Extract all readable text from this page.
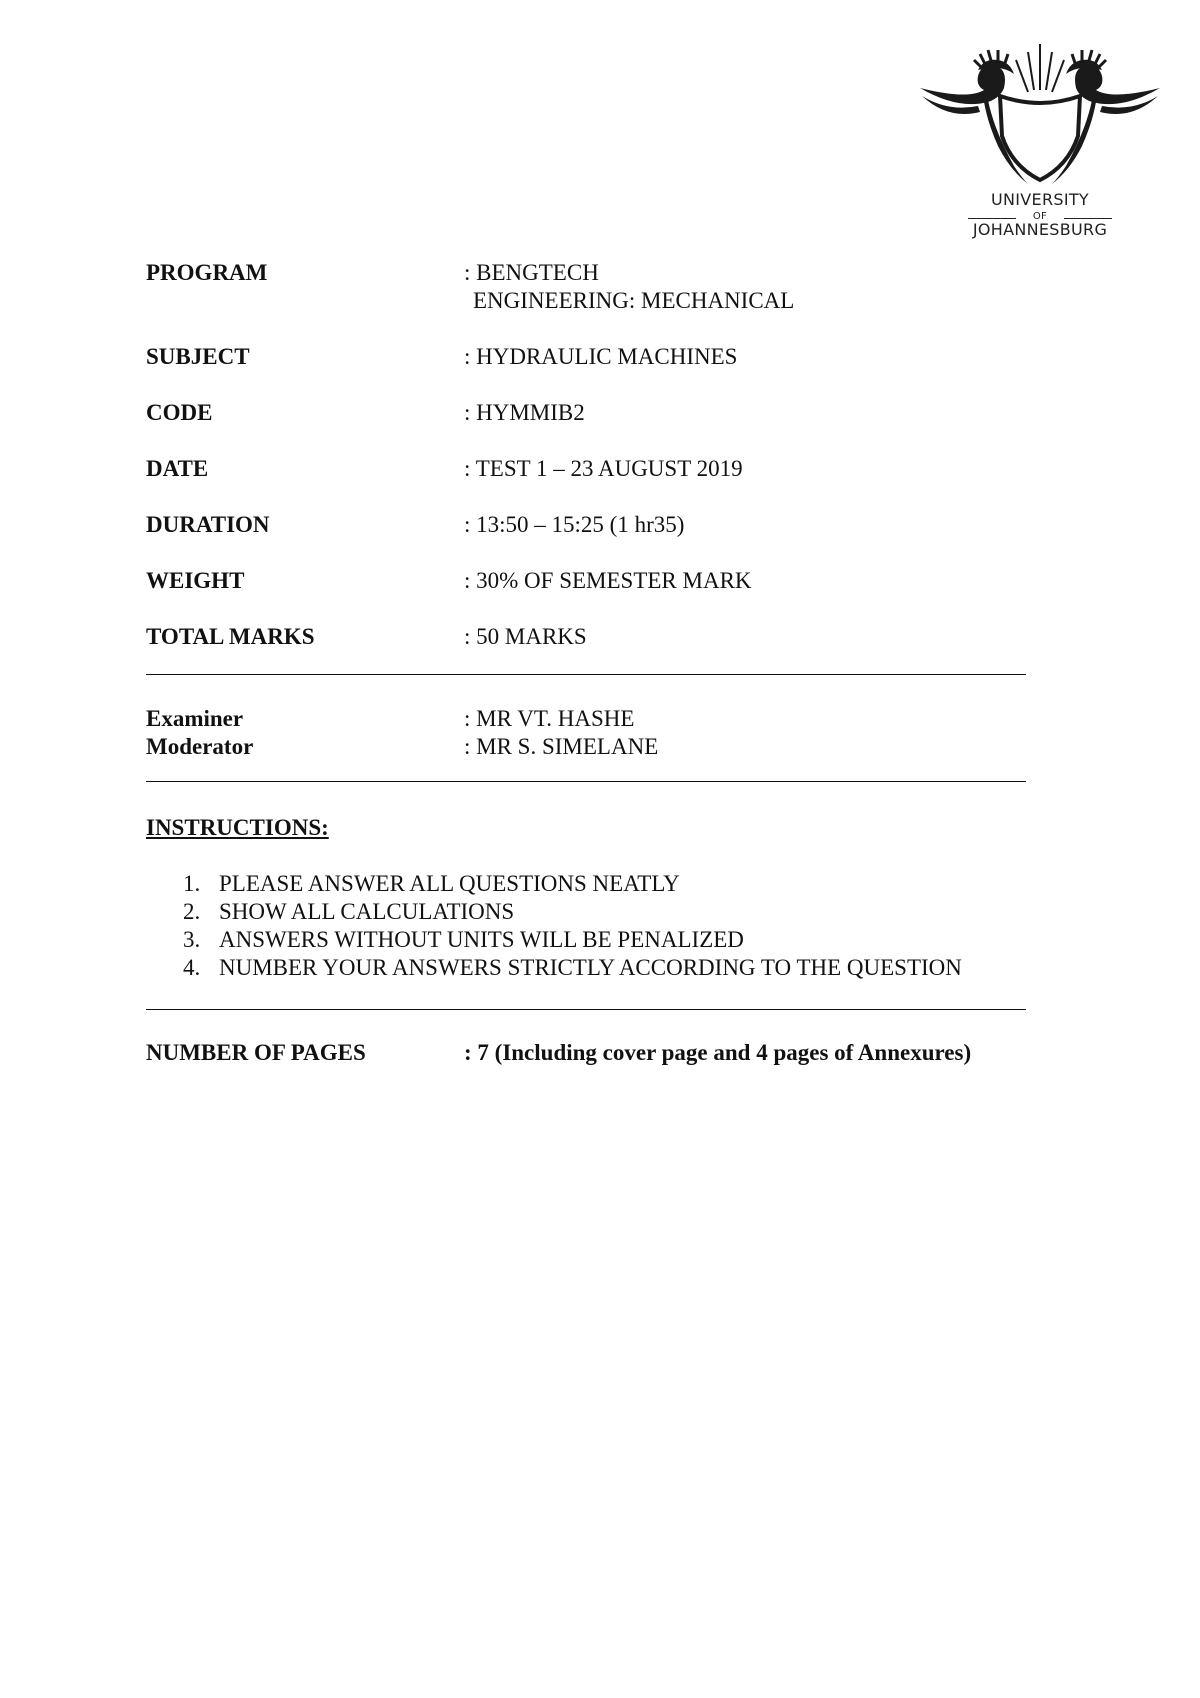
UNIVERSITY
OF
JOHANNESBURG
PROGRAM	: BENGTECH
ENGINEERING: MECHANICAL
SUBJECT	: HYDRAULIC MACHINES
CODE	: HYMMIB2
DATE	: TEST 1 – 23 AUGUST 2019
DURATION	: 13:50 – 15:25 (1 hr35)
WEIGHT	: 30% OF SEMESTER MARK
TOTAL MARKS	: 50 MARKS
Examiner	: MR VT. HASHE
Moderator	: MR S. SIMELANE
INSTRUCTIONS:
1. PLEASE ANSWER ALL QUESTIONS NEATLY
2. SHOW ALL CALCULATIONS
3. ANSWERS WITHOUT UNITS WILL BE PENALIZED
4. NUMBER YOUR ANSWERS STRICTLY ACCORDING TO THE QUESTION
NUMBER OF PAGES	: 7 (Including cover page and 4 pages of Annexures)
